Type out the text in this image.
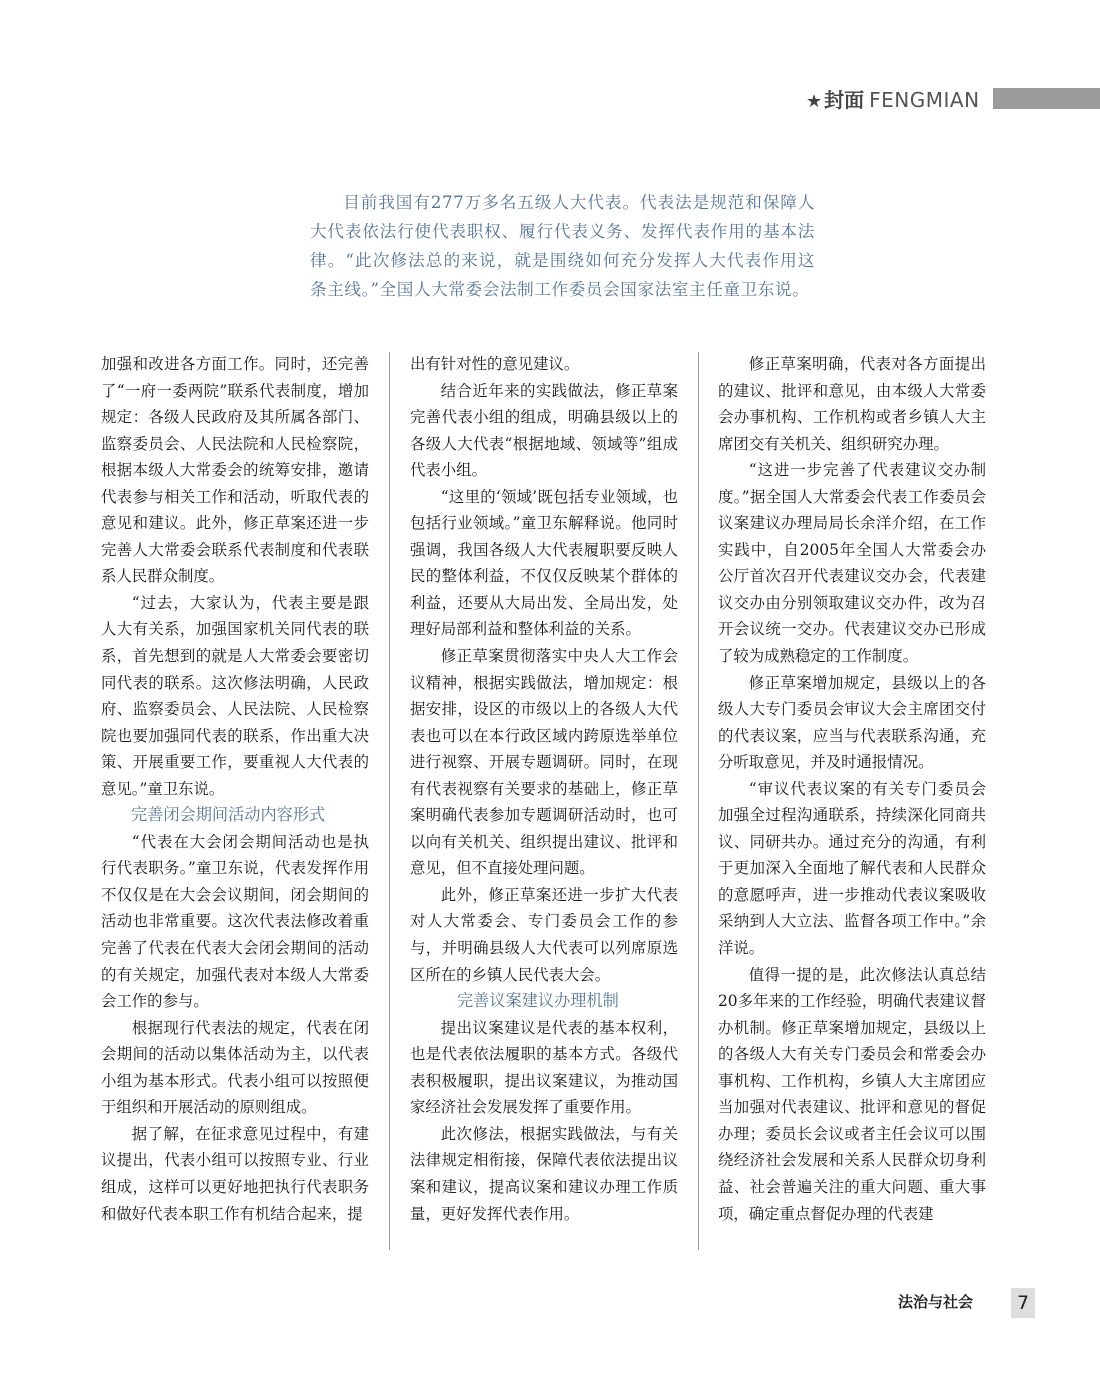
★ 封面 FENGMIAN

目前我国有277万多名五级人大代表。代表法是规范和保障人大代表依法行使代表职权、履行代表义务、发挥代表作用的基本法律。“此次修法总的来说，就是围绕如何充分发挥人大代表作用这条主线。”全国人大常委会法制工作委员会国家法室主任童卫东说。

加强和改进各方面工作。同时，还完善了“一府一委两院”联系代表制度，增加规定：各级人民政府及其所属各部门、监察委员会、人民法院和人民检察院，根据本级人大常委会的统筹安排，邀请代表参与相关工作和活动，听取代表的意见和建议。此外，修正草案还进一步完善人大常委会联系代表制度和代表联系人民群众制度。

“过去，大家认为，代表主要是跟人大有关系，加强国家机关同代表的联系，首先想到的就是人大常委会要密切同代表的联系。这次修法明确，人民政府、监察委员会、人民法院、人民检察院也要加强同代表的联系，作出重大决策、开展重要工作，要重视人大代表的意见。”童卫东说。

完善闭会期间活动内容形式

“代表在大会闭会期间活动也是执行代表职务。”童卫东说，代表发挥作用不仅仅是在大会会议期间，闭会期间的活动也非常重要。这次代表法修改着重完善了代表在代表大会闭会期间的活动的有关规定，加强代表对本级人大常委会工作的参与。

根据现行代表法的规定，代表在闭会期间的活动以集体活动为主，以代表小组为基本形式。代表小组可以按照便于组织和开展活动的原则组成。

据了解，在征求意见过程中，有建议提出，代表小组可以按照专业、行业组成，这样可以更好地把执行代表职务和做好代表本职工作有机结合起来，提

出有针对性的意见建议。

结合近年来的实践做法，修正草案完善代表小组的组成，明确县级以上的各级人大代表“根据地域、领域等”组成代表小组。

“这里的‘领域’既包括专业领域，也包括行业领域。”童卫东解释说。他同时强调，我国各级人大代表履职要反映人民的整体利益，不仅仅反映某个群体的利益，还要从大局出发、全局出发，处理好局部利益和整体利益的关系。

修正草案贯彻落实中央人大工作会议精神，根据实践做法，增加规定：根据安排，设区的市级以上的各级人大代表也可以在本行政区域内跨原选举单位进行视察、开展专题调研。同时，在现有代表视察有关要求的基础上，修正草案明确代表参加专题调研活动时，也可以向有关机关、组织提出建议、批评和意见，但不直接处理问题。

此外，修正草案还进一步扩大代表对人大常委会、专门委员会工作的参与，并明确县级人大代表可以列席原选区所在的乡镇人民代表大会。

完善议案建议办理机制

提出议案建议是代表的基本权利，也是代表依法履职的基本方式。各级代表积极履职，提出议案建议，为推动国家经济社会发展发挥了重要作用。

此次修法，根据实践做法，与有关法律规定相衔接，保障代表依法提出议案和建议，提高议案和建议办理工作质量，更好发挥代表作用。

修正草案明确，代表对各方面提出的建议、批评和意见，由本级人大常委会办事机构、工作机构或者乡镇人大主席团交有关机关、组织研究办理。

“这进一步完善了代表建议交办制度。”据全国人大常委会代表工作委员会议案建议办理局局长余洋介绍，在工作实践中，自2005年全国人大常委会办公厅首次召开代表建议交办会，代表建议交办由分别领取建议交办件，改为召开会议统一交办。代表建议交办已形成了较为成熟稳定的工作制度。

修正草案增加规定，县级以上的各级人大专门委员会审议大会主席团交付的代表议案，应当与代表联系沟通，充分听取意见，并及时通报情况。

“审议代表议案的有关专门委员会加强全过程沟通联系，持续深化同商共议、同研共办。通过充分的沟通，有利于更加深入全面地了解代表和人民群众的意愿呼声，进一步推动代表议案吸收采纳到人大立法、监督各项工作中。”余洋说。

值得一提的是，此次修法认真总结20多年来的工作经验，明确代表建议督办机制。修正草案增加规定，县级以上的各级人大有关专门委员会和常委会办事机构、工作机构，乡镇人大主席团应当加强对代表建议、批评和意见的督促办理；委员长会议或者主任会议可以围绕经济社会发展和关系人民群众切身利益、社会普遍关注的重大问题、重大事项，确定重点督促办理的代表建

法治与社会	7
